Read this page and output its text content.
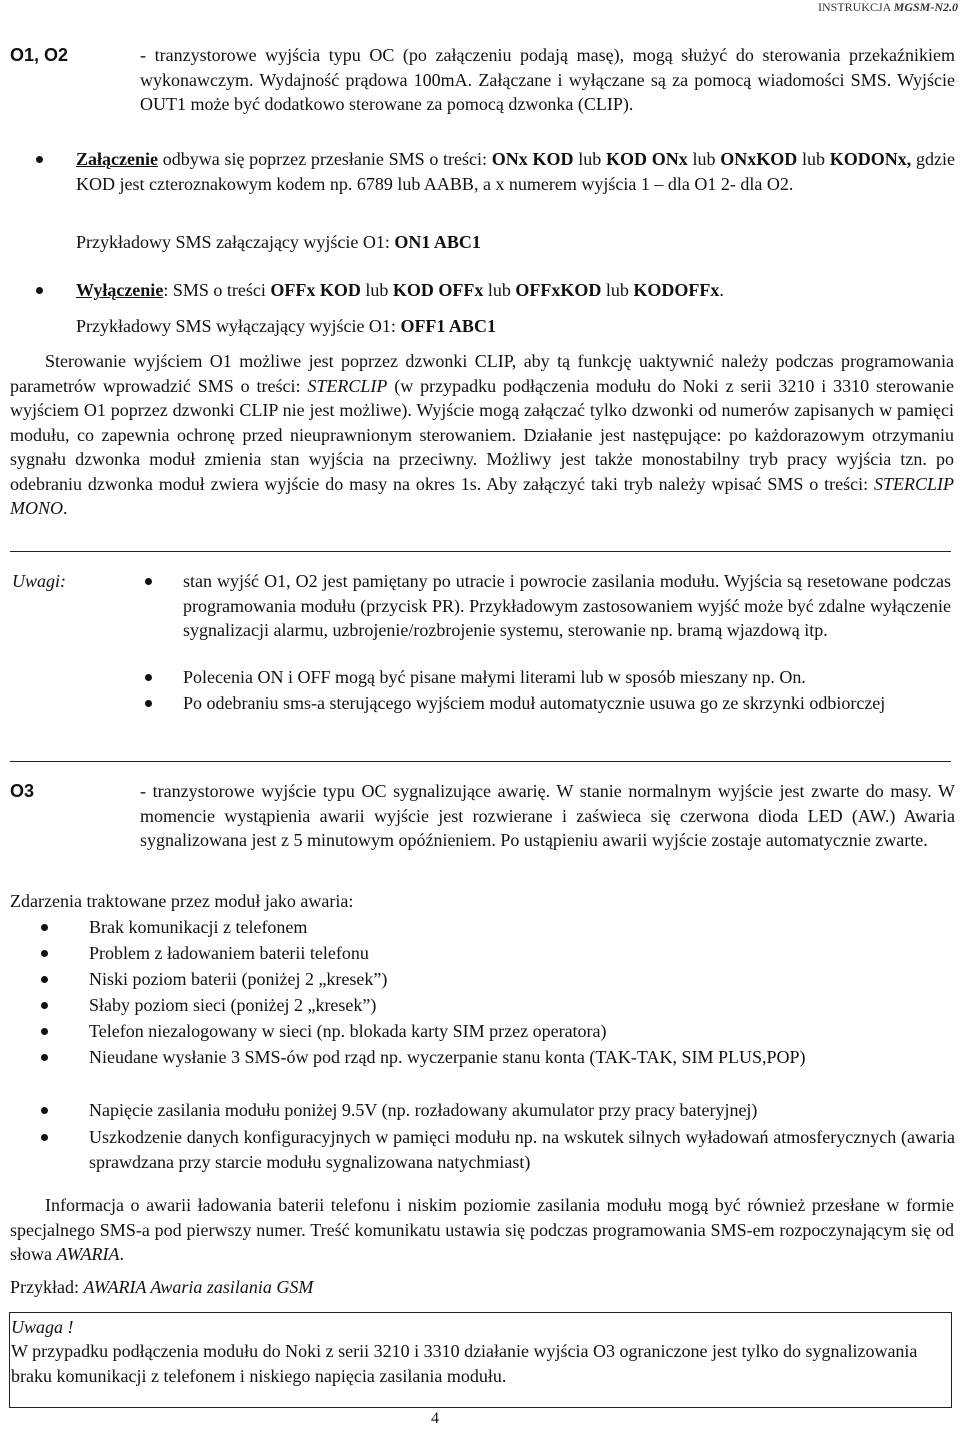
INSTRUKCJA MGSM-N2.0
O1, O2	- tranzystorowe wyjścia typu OC (po załączeniu podają masę), mogą służyć do sterowania przekaźnikiem wykonawczym. Wydajność prądowa 100mA. Załączane i wyłączane są za pomocą wiadomości SMS. Wyjście OUT1 może być dodatkowo sterowane za pomocą dzwonka (CLIP).
Załączenie odbywa się poprzez przesłanie SMS o treści: ONx KOD lub KOD ONx lub ONxKOD lub KODONx, gdzie KOD jest czteroznakowym kodem np. 6789 lub AABB, a x numerem wyjścia 1 – dla O1 2- dla O2.
Przykładowy SMS załączający wyjście O1: ON1 ABC1
Wyłączenie: SMS o treści OFFx KOD lub KOD OFFx lub OFFxKOD lub KODOFFx.
Przykładowy SMS wyłączający wyjście O1: OFF1 ABC1
Sterowanie wyjściem O1 możliwe jest poprzez dzwonki CLIP, aby tą funkcję uaktywnić należy podczas programowania parametrów wprowadzić SMS o treści: STERCLIP (w przypadku podłączenia modułu do Noki z serii 3210 i 3310 sterowanie wyjściem O1 poprzez dzwonki CLIP nie jest możliwe). Wyjście mogą załączać tylko dzwonki od numerów zapisanych w pamięci modułu, co zapewnia ochronę przed nieuprawnionym sterowaniem. Działanie jest następujące: po każdorazowym otrzymaniu sygnału dzwonka moduł zmienia stan wyjścia na przeciwny. Możliwy jest także monostabilny tryb pracy wyjścia tzn. po odebraniu dzwonka moduł zwiera wyjście do masy na okres 1s. Aby załączyć taki tryb należy wpisać SMS o treści: STERCLIP MONO.
Uwagi:	stan wyjść O1, O2 jest pamiętany po utracie i powrocie zasilania modułu. Wyjścia są resetowane podczas programowania modułu (przycisk PR). Przykładowym zastosowaniem wyjść może być zdalne wyłączenie sygnalizacji alarmu, uzbrojenie/rozbrojenie systemu, sterowanie np. bramą wjazdową itp.
Polecenia ON i OFF mogą być pisane małymi literami lub w sposób mieszany np. On.
Po odebraniu sms-a sterującego wyjściem moduł automatycznie usuwa go ze skrzynki odbiorczej
O3	- tranzystorowe wyjście typu OC sygnalizujące awarię. W stanie normalnym wyjście jest zwarte do masy. W momencie wystąpienia awarii wyjście jest rozwierane i zaświeca się czerwona dioda LED (AW.) Awaria sygnalizowana jest z 5 minutowym opóźnieniem. Po ustąpieniu awarii wyjście zostaje automatycznie zwarte.
Zdarzenia traktowane przez moduł jako awaria:
Brak komunikacji z telefonem
Problem z ładowaniem baterii telefonu
Niski poziom baterii (poniżej 2 „kresek”)
Słaby poziom sieci (poniżej 2 „kresek”)
Telefon niezalogowany w sieci (np. blokada karty SIM przez operatora)
Nieudane wysłanie 3 SMS-ów pod rząd np. wyczerpanie stanu konta (TAK-TAK, SIM PLUS,POP)
Napięcie zasilania modułu poniżej 9.5V (np. rozładowany akumulator przy pracy bateryjnej)
Uszkodzenie danych konfiguracyjnych w pamięci modułu np. na wskutek silnych wyładowań atmosferycznych (awaria sprawdzana przy starcie modułu sygnalizowana natychmiast)
Informacja o awarii ładowania baterii telefonu i niskim poziomie zasilania modułu mogą być również przesłane w formie specjalnego SMS-a pod pierwszy numer. Treść komunikatu ustawia się podczas programowania SMS-em rozpoczynającym się od słowa AWARIA.
Przykład: AWARIA Awaria zasilania GSM
Uwaga !
W przypadku podłączenia modułu do Noki z serii 3210 i 3310 działanie wyjścia O3 ograniczone jest tylko do sygnalizowania braku komunikacji z telefonem i niskiego napięcia zasilania modułu.
4
